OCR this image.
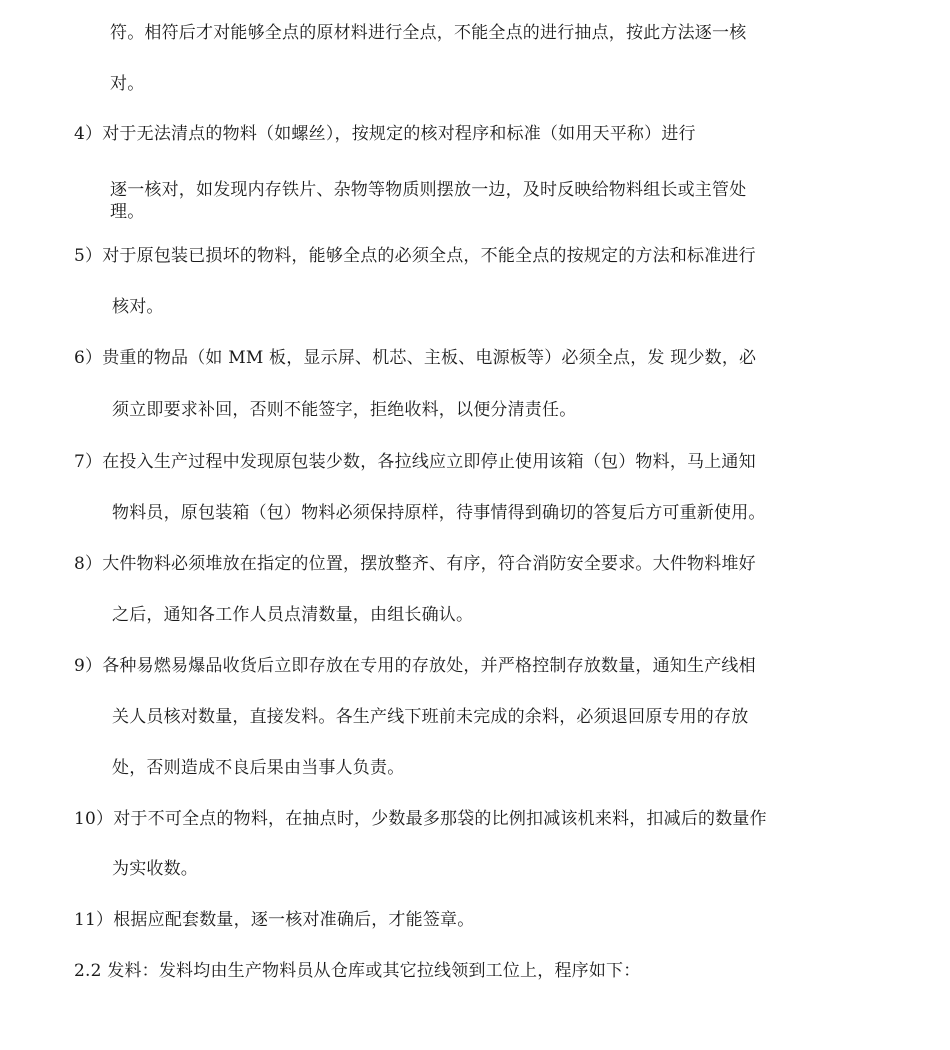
符。相符后才对能够全点的原材料进行全点，不能全点的进行抽点，按此方法逐一核
对。
4）对于无法清点的物料（如螺丝），按规定的核对程序和标准（如用天平称）进行
逐一核对，如发现内存铁片、杂物等物质则摆放一边，及时反映给物料组长或主管处
理。
5）对于原包装已损坏的物料，能够全点的必须全点，不能全点的按规定的方法和标准进行
核对。
6）贵重的物品（如 MM 板，显示屏、机芯、主板、电源板等）必须全点，发 现少数，必
须立即要求补回，否则不能签字，拒绝收料，以便分清责任。
7）在投入生产过程中发现原包装少数，各拉线应立即停止使用该箱（包）物料，马上通知
物料员，原包装箱（包）物料必须保持原样，待事情得到确切的答复后方可重新使用。
8）大件物料必须堆放在指定的位置，摆放整齐、有序，符合消防安全要求。大件物料堆好
之后，通知各工作人员点清数量，由组长确认。
9）各种易燃易爆品收货后立即存放在专用的存放处，并严格控制存放数量，通知生产线相
关人员核对数量，直接发料。各生产线下班前未完成的余料，必须退回原专用的存放
处，否则造成不良后果由当事人负责。
10）对于不可全点的物料，在抽点时，少数最多那袋的比例扣减该机来料，扣减后的数量作
为实收数。
11）根据应配套数量，逐一核对准确后，才能签章。
2.2 发料：发料均由生产物料员从仓库或其它拉线领到工位上，程序如下：
